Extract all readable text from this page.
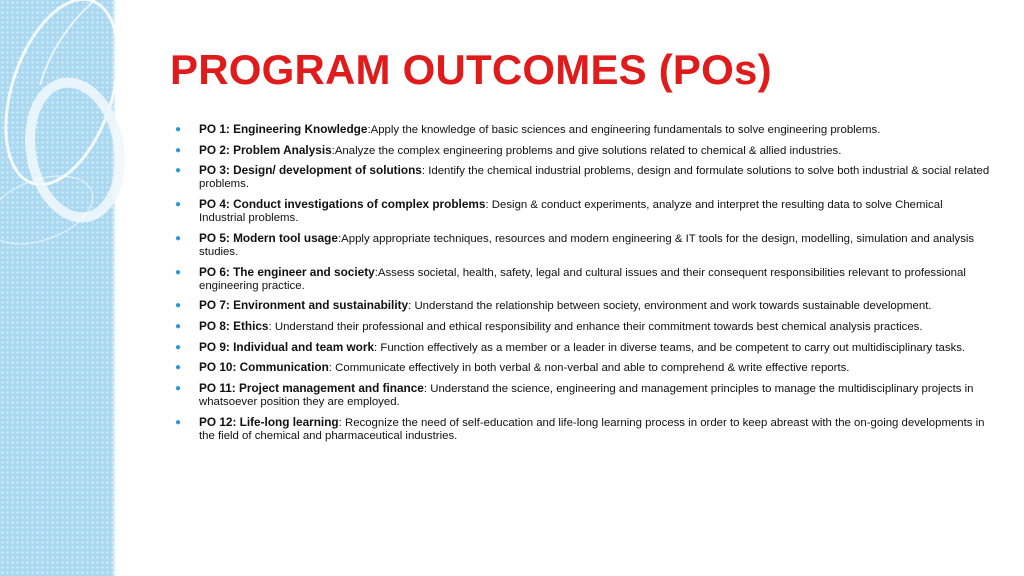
PROGRAM OUTCOMES (POs)
● PO 1: Engineering Knowledge:Apply the knowledge of basic sciences and engineering fundamentals to solve engineering problems.
● PO 2: Problem Analysis:Analyze the complex engineering problems and give solutions related to chemical & allied industries.
● PO 3: Design/ development of solutions: Identify the chemical industrial problems, design and formulate solutions to solve both industrial & social related problems.
● PO 4: Conduct investigations of complex problems: Design & conduct experiments, analyze and interpret the resulting data to solve Chemical Industrial problems.
● PO 5: Modern tool usage:Apply appropriate techniques, resources and modern engineering & IT tools for the design, modelling, simulation and analysis studies.
● PO 6: The engineer and society:Assess societal, health, safety, legal and cultural issues and their consequent responsibilities relevant to professional engineering practice.
● PO 7: Environment and sustainability: Understand the relationship between society, environment and work towards sustainable development.
● PO 8: Ethics: Understand their professional and ethical responsibility and enhance their commitment towards best chemical analysis practices.
● PO 9: Individual and team work: Function effectively as a member or a leader in diverse teams, and be competent to carry out multidisciplinary tasks.
● PO 10: Communication: Communicate effectively in both verbal & non-verbal and able to comprehend & write effective reports.
● PO 11: Project management and finance: Understand the science, engineering and management principles to manage the multidisciplinary projects in whatsoever position they are employed.
● PO 12: Life-long learning: Recognize the need of self-education and life-long learning process in order to keep abreast with the on-going developments in the field of chemical and pharmaceutical industries.
